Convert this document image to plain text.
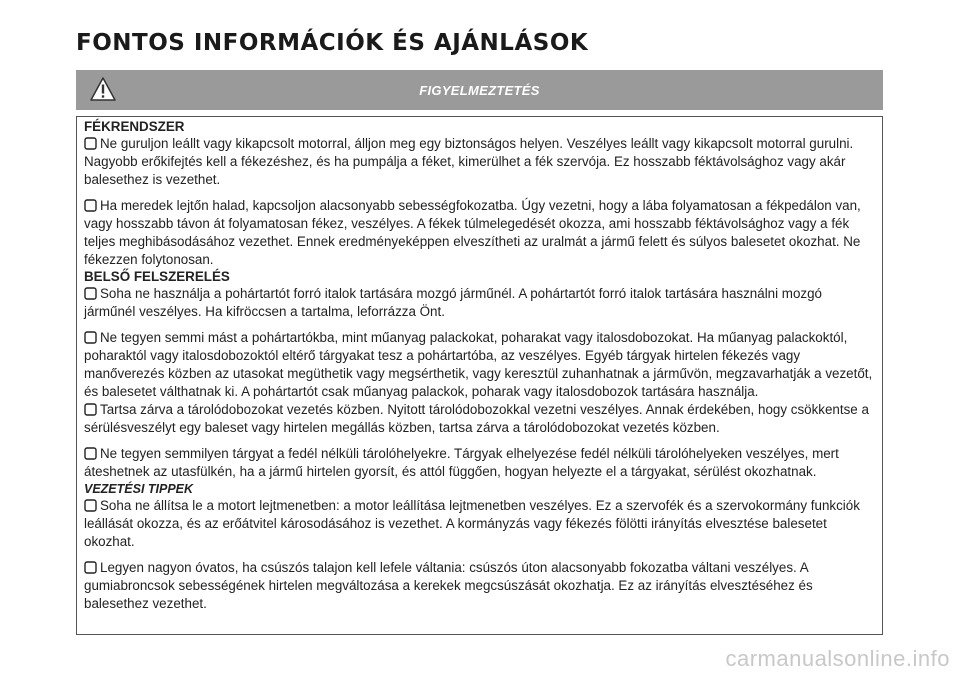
FONTOS INFORMÁCIÓK ÉS AJÁNLÁSOK
FIGYELMEZTETÉS

FÉKRENDSZER

Ne guruljon leállt vagy kikapcsolt motorral, álljon meg egy biztonságos helyen. Veszélyes leállt vagy kikapcsolt motorral gurulni. Nagyobb erőkifejtés kell a fékezéshez, és ha pumpálja a féket, kimerülhet a fék szervója. Ez hosszabb féktávolsághoz vagy akár balesethez is vezethet.

Ha meredek lejtőn halad, kapcsoljon alacsonyabb sebességfokozatba. Úgy vezetni, hogy a lába folyamatosan a fékpedálon van, vagy hosszabb távon át folyamatosan fékez, veszélyes. A fékek túlmelegedését okozza, ami hosszabb féktávolsághoz vagy a fék teljes meghibásodásához vezethet. Ennek eredményeképpen elveszítheti az uralmát a jármű felett és súlyos balesetet okozhat. Ne fékezzen folytonosan.

BELSŐ FELSZERELÉS

Soha ne használja a pohártartót forró italok tartására mozgó járműnél. A pohártartót forró italok tartására használni mozgó járműnél veszélyes. Ha kifröccsen a tartalma, leforrázza Önt.

Ne tegyen semmi mást a pohártartókba, mint műanyag palackokat, poharakat vagy italosdobozokat. Ha műanyag palackoktól, poharaktól vagy italosdobozoktól eltérő tárgyakat tesz a pohártartóba, az veszélyes. Egyéb tárgyak hirtelen fékezés vagy manőverezés közben az utasokat megüthetik vagy megsérthetik, vagy keresztül zuhanhatnak a járművön, megzavarhatják a vezetőt, és balesetet válthatnak ki. A pohártartót csak műanyag palackok, poharak vagy italosdobozok tartására használja.

Tartsa zárva a tárolódobozokat vezetés közben. Nyitott tárolódobozokkal vezetni veszélyes. Annak érdekében, hogy csökkentse a sérülésveszélyt egy baleset vagy hirtelen megállás közben, tartsa zárva a tárolódobozokat vezetés közben.

Ne tegyen semmilyen tárgyat a fedél nélküli tárolóhelyekre. Tárgyak elhelyezése fedél nélküli tárolóhelyeken veszélyes, mert áteshetnek az utasfülkén, ha a jármű hirtelen gyorsít, és attól függően, hogyan helyezte el a tárgyakat, sérülést okozhatnak.

VEZETÉSI TIPPEK

Soha ne állítsa le a motort lejtmenetben: a motor leállítása lejtmenetben veszélyes. Ez a szervofék és a szervokormány funkciók leállását okozza, és az erőátvitel károsodásához is vezethet. A kormányzás vagy fékezés fölötti irányítás elvesztése balesetet okozhat.

Legyen nagyon óvatos, ha csúszós talajon kell lefele váltania: csúszós úton alacsonyabb fokozatba váltani veszélyes. A gumiabroncsok sebességének hirtelen megváltozása a kerekek megcsúszását okozhatja. Ez az irányítás elvesztéséhez és balesethez vezethet.

carmanualsonline.info
